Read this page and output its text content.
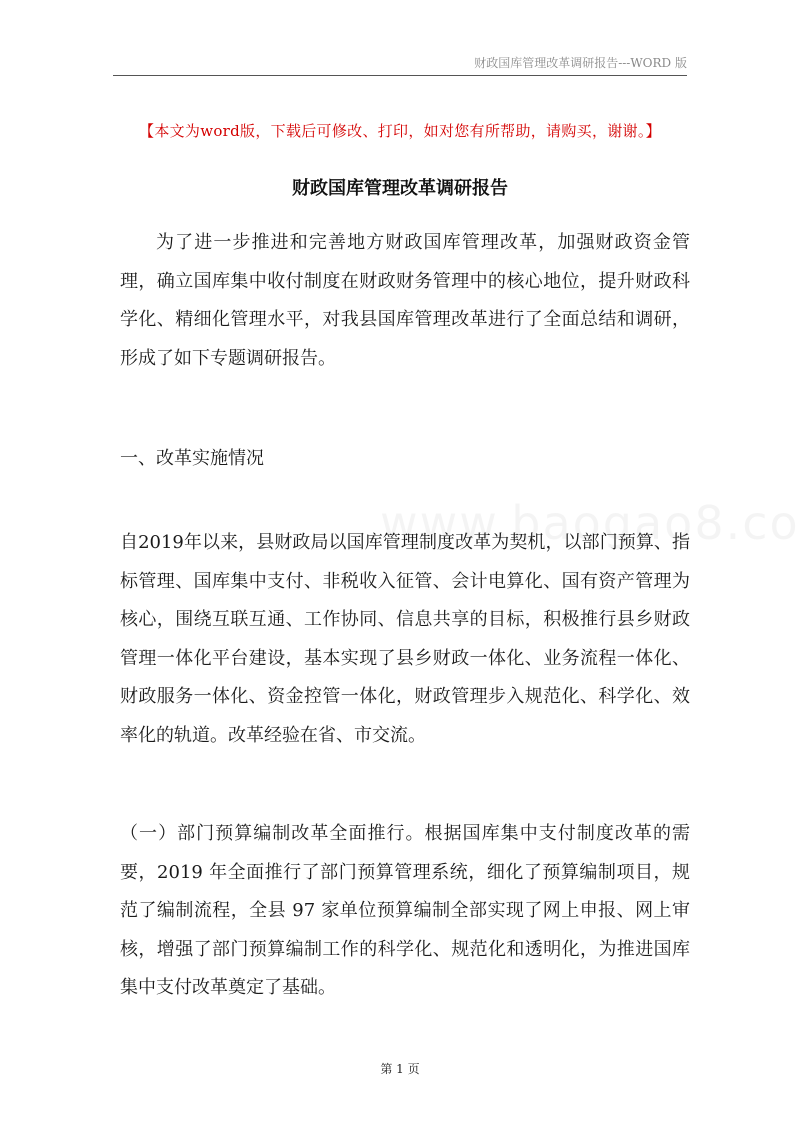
财政国库管理改革调研报告---WORD 版
【本文为word版，下载后可修改、打印，如对您有所帮助，请购买，谢谢。】
财政国库管理改革调研报告

为了进一步推进和完善地方财政国库管理改革，加强财政资金管理，确立国库集中收付制度在财政财务管理中的核心地位，提升财政科学化、精细化管理水平，对我县国库管理改革进行了全面总结和调研，形成了如下专题调研报告。

一、改革实施情况

自2019年以来，县财政局以国库管理制度改革为契机，以部门预算、指标管理、国库集中支付、非税收入征管、会计电算化、国有资产管理为核心，围绕互联互通、工作协同、信息共享的目标，积极推行县乡财政管理一体化平台建设，基本实现了县乡财政一体化、业务流程一体化、财政服务一体化、资金控管一体化，财政管理步入规范化、科学化、效率化的轨道。改革经验在省、市交流。

（一）部门预算编制改革全面推行。根据国库集中支付制度改革的需要，2019 年全面推行了部门预算管理系统，细化了预算编制项目，规范了编制流程，全县 97 家单位预算编制全部实现了网上申报、网上审核，增强了部门预算编制工作的科学化、规范化和透明化，为推进国库集中支付改革奠定了基础。

第 1 页
